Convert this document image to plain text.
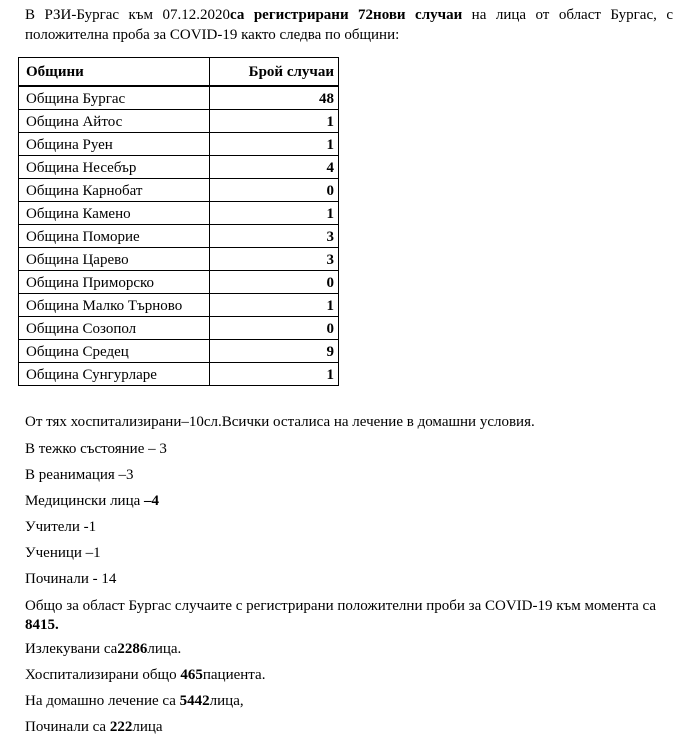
В РЗИ-Бургас към 07.12.2020са регистрирани 72нови случаи на лица от област Бургас, с положителна проба за COVID-19 както следва по общини:

Общини	Брой случаи
Община Бургас	48
Община Айтос	1
Община Руен	1
Община Несебър	4
Община Карнобат	0
Община Камено	1
Община Поморие	3
Община Царево	3
Община Приморско	0
Община Малко Търново	1
Община Созопол	0
Община Средец	9
Община Сунгурларе	1

От тях хоспитализирани–10сл.Всички осталиса на лечение в домашни условия.

В тежко състояние – 3

В реанимация –3

Медицински лица –4

Учители -1

Ученици –1

Починали - 14

Общо за област Бургас случаите с регистрирани положителни проби за COVID-19 към момента са 8415.

Излекувани са2286лица.

Хоспитализирани общо 465пациента.

На домашно лечение са 5442лица,

Починали са 222лица
